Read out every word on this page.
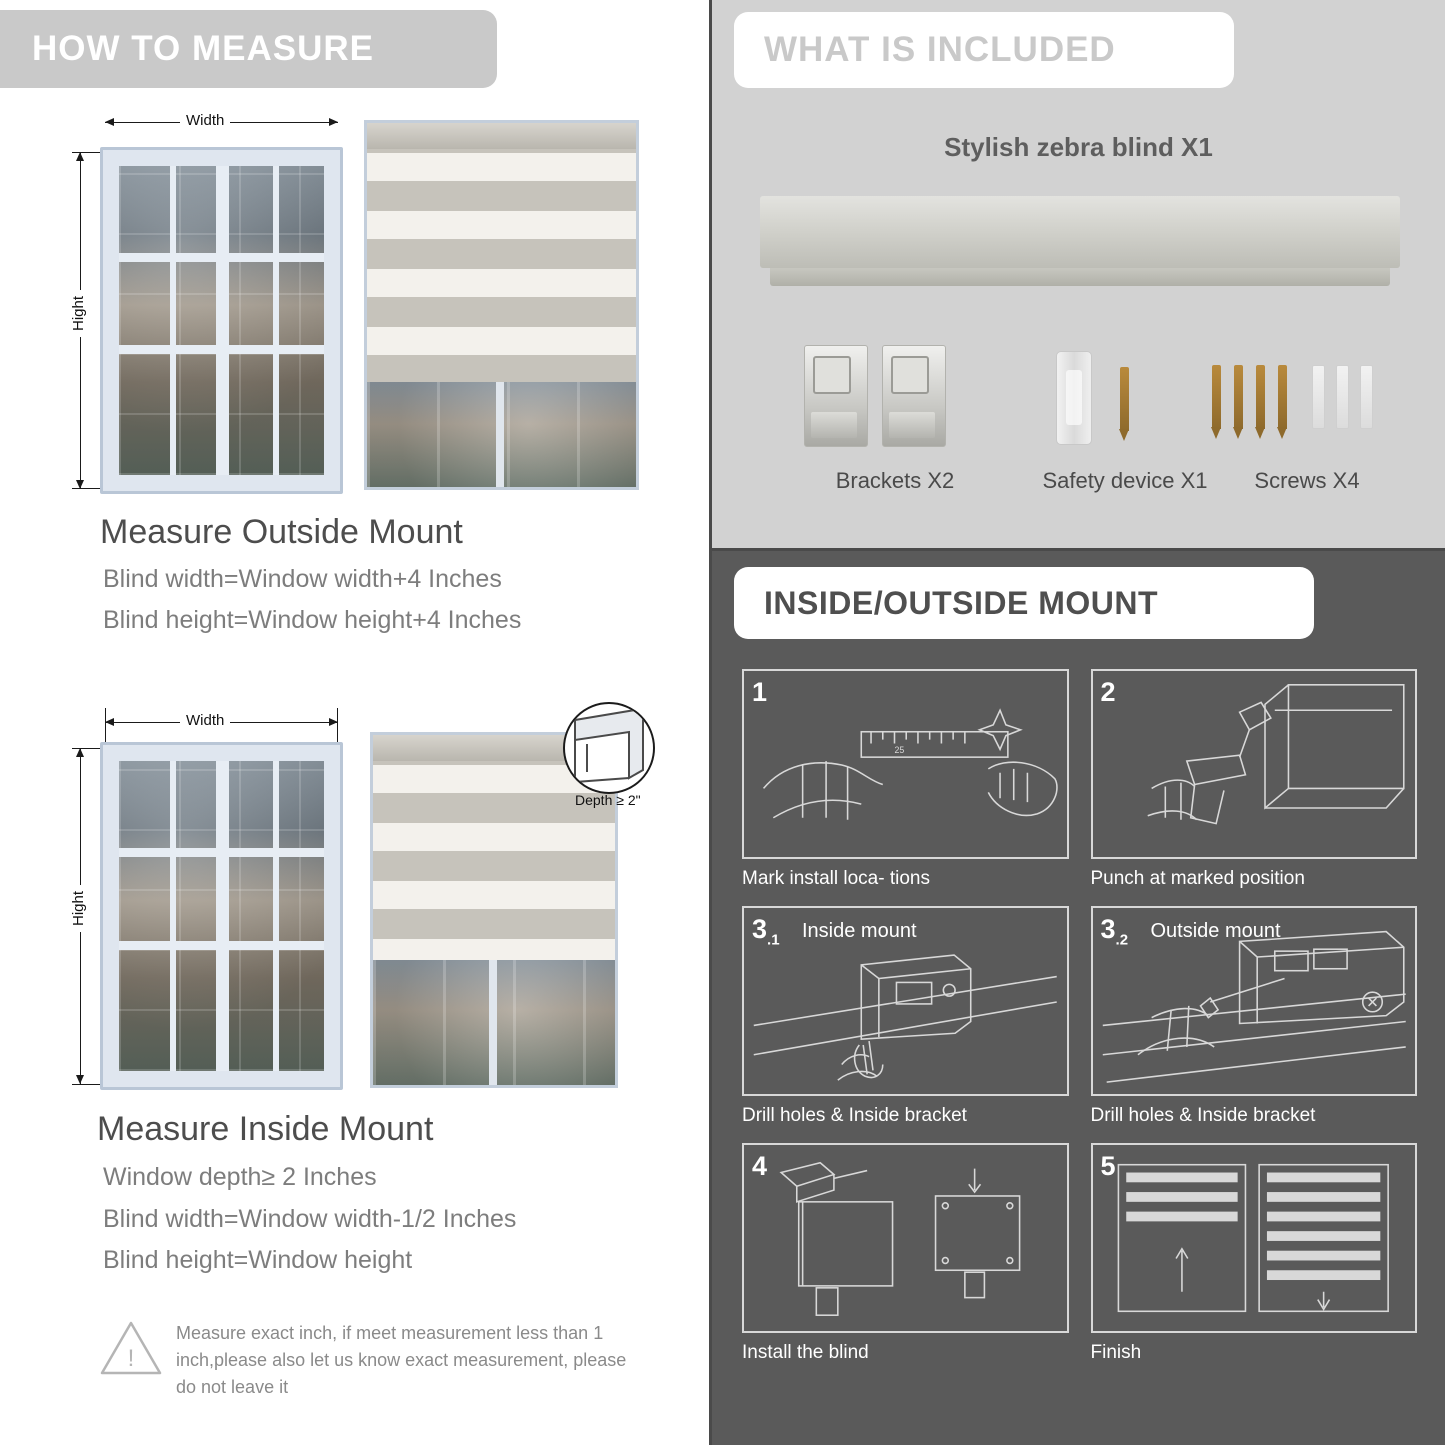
HOW TO MEASURE
Width
Hight
Measure Outside Mount
Blind width=Window width+4 Inches
Blind height=Window height+4 Inches
Width
Hight
Depth ≥ 2"
Measure Inside Mount
Window depth≥ 2 Inches
Blind width=Window width-1/2 Inches
Blind height=Window height
!
Measure exact inch, if meet measurement less than 1 inch,please also let us know exact measurement, please do not leave it
WHAT IS INCLUDED
Stylish zebra blind X1
Brackets X2	Safety device X1	Screws X4
INSIDE/OUTSIDE MOUNT
1
25
Mark install loca- tions
2
Punch at marked position
$3_{.1}$ Inside mount
Drill holes & Inside bracket
$3_{.2}$ Outside mount
Drill holes & Inside bracket
4
Install the blind
5
Finish
